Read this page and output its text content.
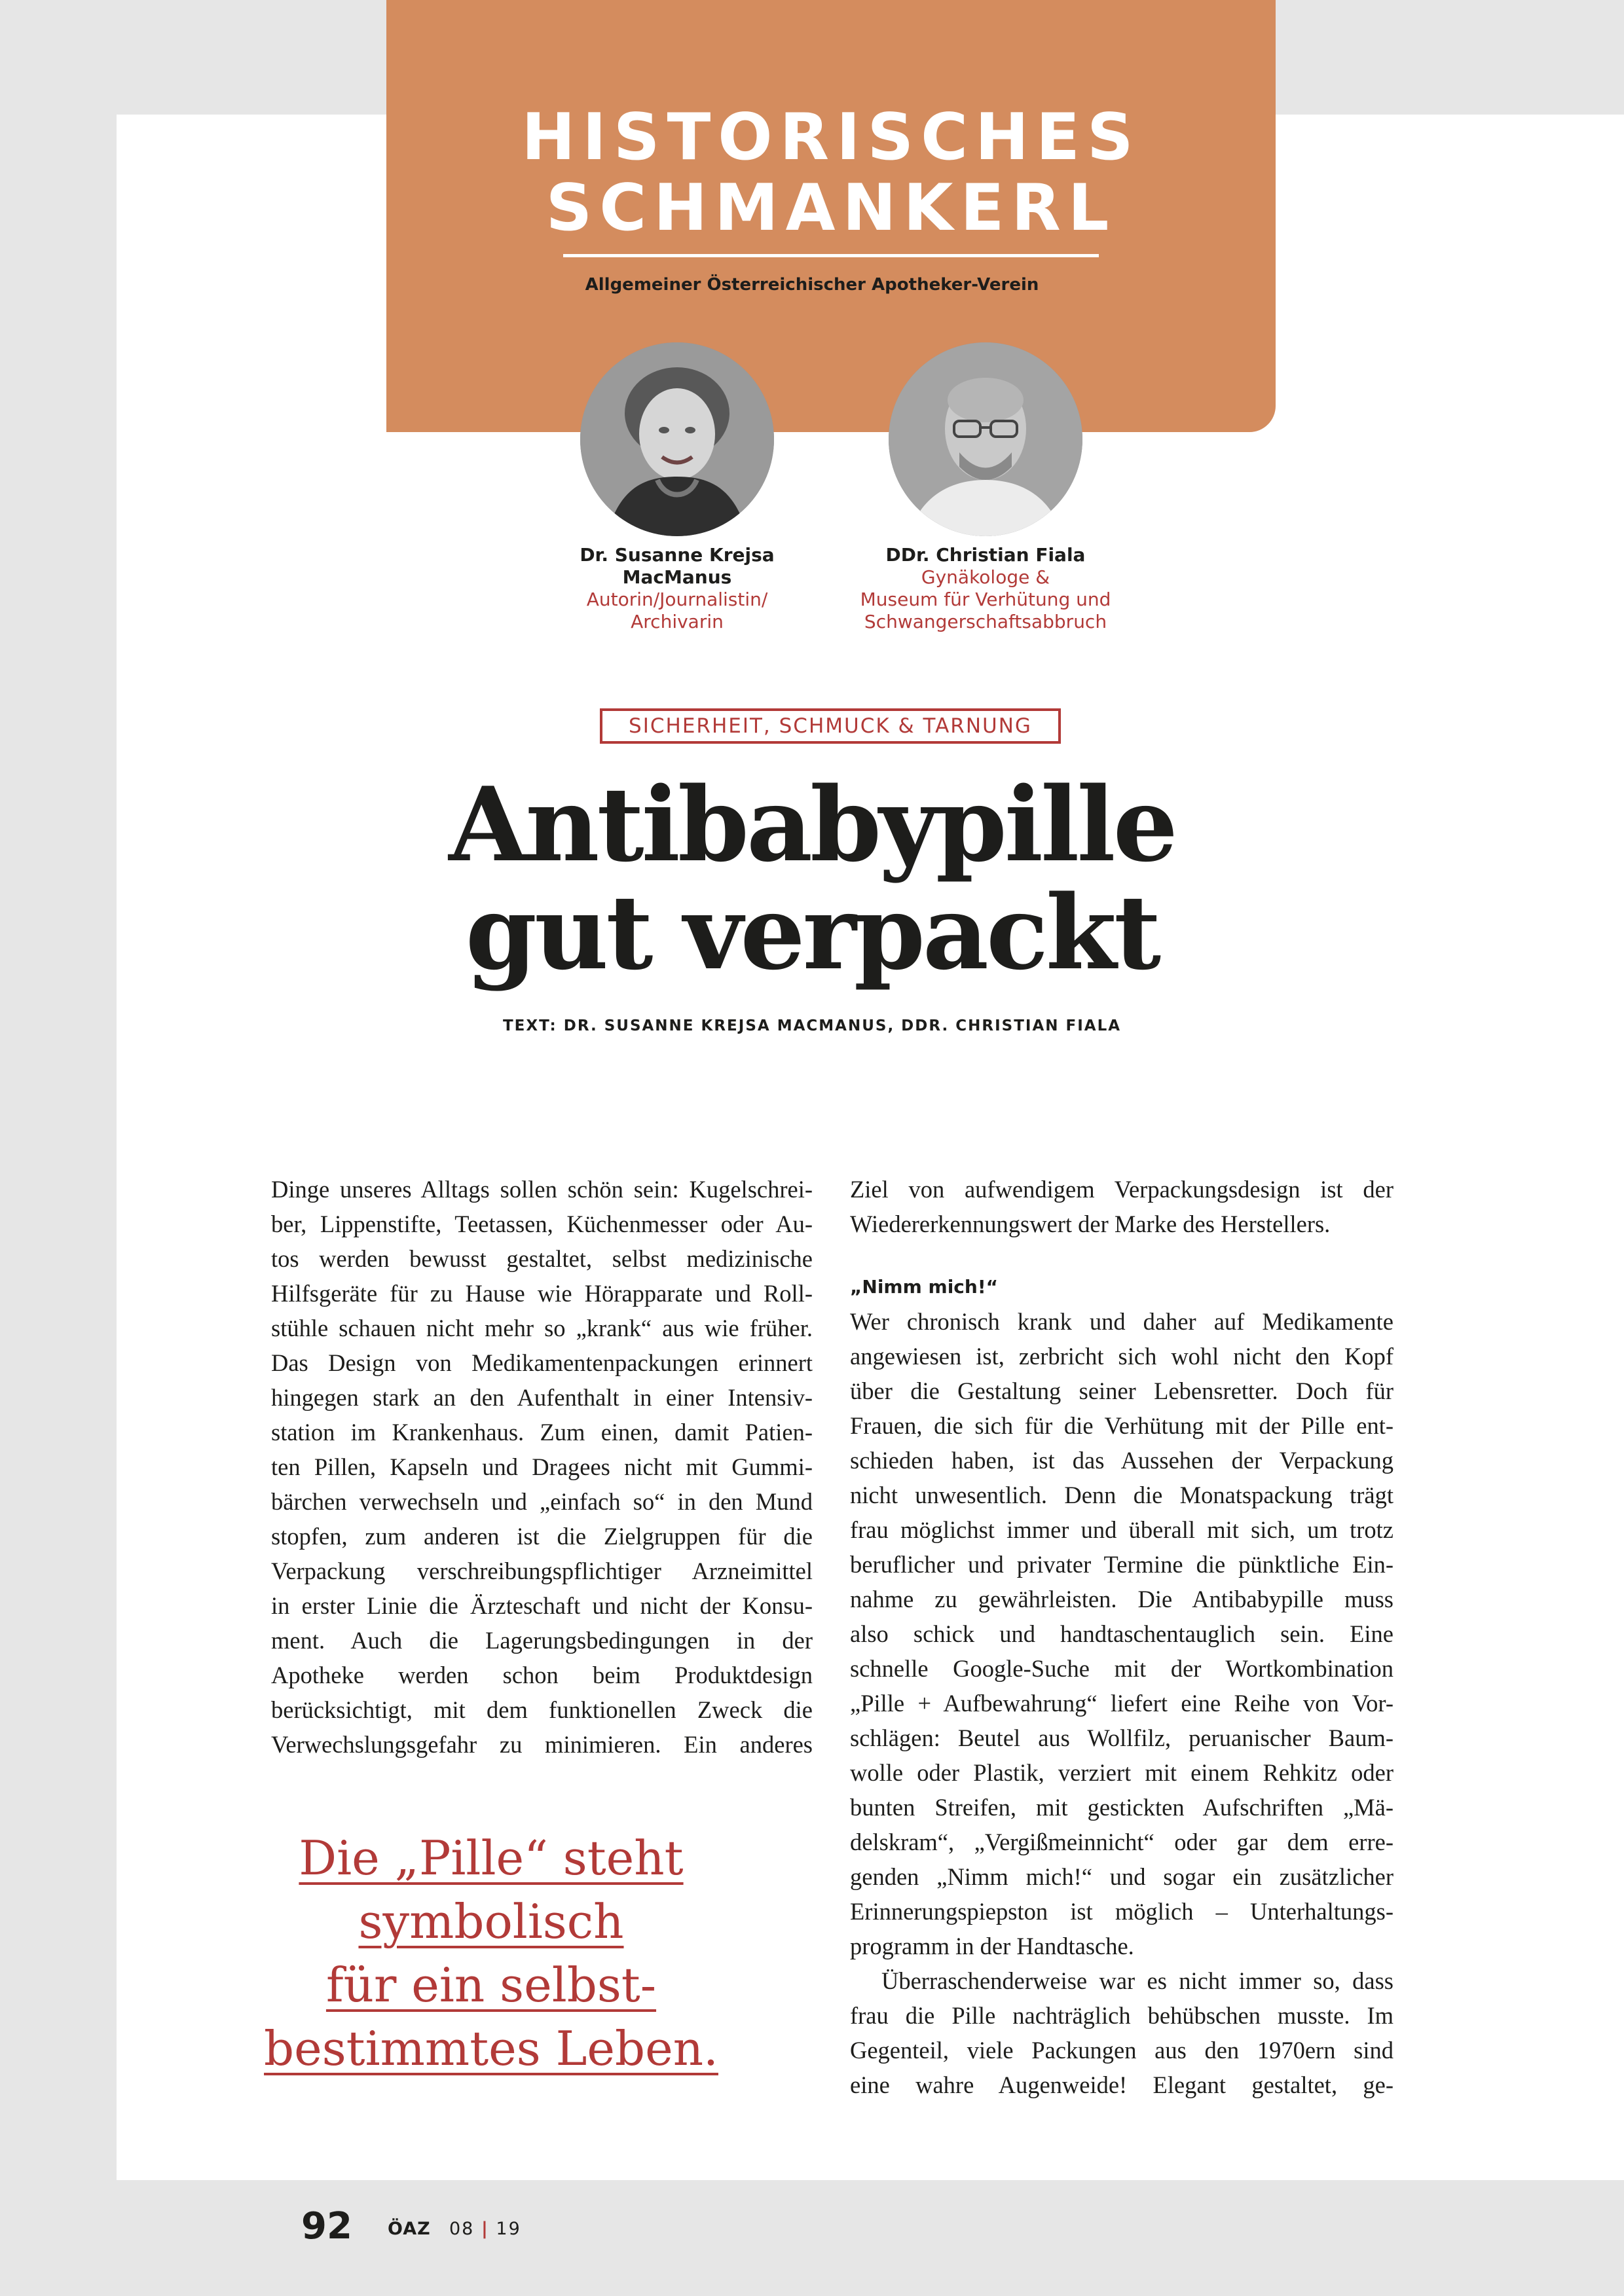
HISTORISCHES
SCHMANKERL
Allgemeiner Österreichischer Apotheker-Verein
Dr. Susanne Krejsa
MacManus
Autorin/Journalistin/
Archivarin
DDr. Christian Fiala
Gynäkologe &
Museum für Verhütung und
Schwangerschaftsabbruch
SICHERHEIT, SCHMUCK & TARNUNG
Antibabypille
gut verpackt
TEXT: DR. SUSANNE KREJSA MACMANUS, DDR. CHRISTIAN FIALA
Dinge unseres Alltags sollen schön sein: Kugelschrei-
ber, Lippenstifte, Teetassen, Küchenmesser oder Au-
tos werden bewusst gestaltet, selbst medizinische
Hilfsgeräte für zu Hause wie Hörapparate und Roll-
stühle schauen nicht mehr so „krank“ aus wie früher.
Das Design von Medikamentenpackungen erinnert
hingegen stark an den Aufenthalt in einer Intensiv-
station im Krankenhaus. Zum einen, damit Patien-
ten Pillen, Kapseln und Dragees nicht mit Gummi-
bärchen verwechseln und „einfach so“ in den Mund
stopfen, zum anderen ist die Zielgruppen für die
Verpackung verschreibungspflichtiger Arzneimittel
in erster Linie die Ärzteschaft und nicht der Konsu-
ment. Auch die Lagerungsbedingungen in der
Apotheke werden schon beim Produktdesign
berücksichtigt, mit dem funktionellen Zweck die
Verwechslungsgefahr zu minimieren. Ein anderes
Ziel von aufwendigem Verpackungsdesign ist der
Wiedererkennungswert der Marke des Herstellers.
„Nimm mich!“
Wer chronisch krank und daher auf Medikamente
angewiesen ist, zerbricht sich wohl nicht den Kopf
über die Gestaltung seiner Lebensretter. Doch für
Frauen, die sich für die Verhütung mit der Pille ent-
schieden haben, ist das Aussehen der Verpackung
nicht unwesentlich. Denn die Monatspackung trägt
frau möglichst immer und überall mit sich, um trotz
beruflicher und privater Termine die pünktliche Ein-
nahme zu gewährleisten. Die Antibabypille muss
also schick und handtaschentauglich sein. Eine
schnelle Google-Suche mit der Wortkombination
„Pille + Aufbewahrung“ liefert eine Reihe von Vor-
schlägen: Beutel aus Wollfilz, peruanischer Baum-
wolle oder Plastik, verziert mit einem Rehkitz oder
bunten Streifen, mit gestickten Aufschriften „Mä-
delskram“, „Vergißmeinnicht“ oder gar dem erre-
genden „Nimm mich!“ und sogar ein zusätzlicher
Erinnerungspiepston ist möglich – Unterhaltungs-
programm in der Handtasche.
Überraschenderweise war es nicht immer so, dass
frau die Pille nachträglich behübschen musste. Im
Gegenteil, viele Packungen aus den 1970ern sind
eine wahre Augenweide! Elegant gestaltet, ge-
Die „Pille“ steht
symbolisch
für ein selbst-
bestimmtes Leben.
92 ÖAZ 08 | 19
